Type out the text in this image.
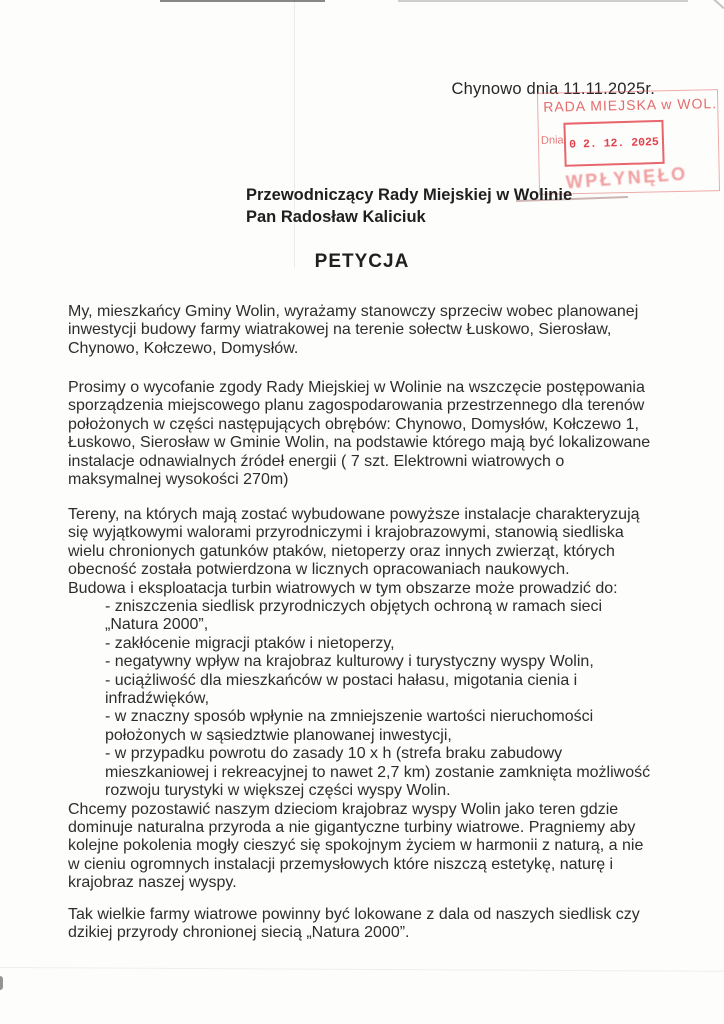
Chynowo dnia 11.11.2025r.
RADA MIEJSKA w WOL.
Dnia 0 2. 12. 2025
WPŁYNĘŁO
Przewodniczący Rady Miejskiej w Wolinie
Pan Radosław Kaliciuk
PETYCJA
My, mieszkańcy Gminy Wolin, wyrażamy stanowczy sprzeciw wobec planowanej
inwestycji budowy farmy wiatrakowej na terenie sołectw Łuskowo, Sierosław,
Chynowo, Kołczewo, Domysłów.
Prosimy o wycofanie zgody Rady Miejskiej w Wolinie na wszczęcie postępowania
sporządzenia miejscowego planu zagospodarowania przestrzennego dla terenów
położonych w części następujących obrębów: Chynowo, Domysłów, Kołczewo 1,
Łuskowo, Sierosław w Gminie Wolin, na podstawie którego mają być lokalizowane
instalacje odnawialnych źródeł energii ( 7 szt. Elektrowni wiatrowych o
maksymalnej wysokości 270m)
Tereny, na których mają zostać wybudowane powyższe instalacje charakteryzują
się wyjątkowymi walorami przyrodniczymi i krajobrazowymi, stanowią siedliska
wielu chronionych gatunków ptaków, nietoperzy oraz innych zwierząt, których
obecność została potwierdzona w licznych opracowaniach naukowych.
Budowa i eksploatacja turbin wiatrowych w tym obszarze może prowadzić do:
- zniszczenia siedlisk przyrodniczych objętych ochroną w ramach sieci
„Natura 2000”,
- zakłócenie migracji ptaków i nietoperzy,
- negatywny wpływ na krajobraz kulturowy i turystyczny wyspy Wolin,
- uciążliwość dla mieszkańców w postaci hałasu, migotania cienia i
infradźwięków,
- w znaczny sposób wpłynie na zmniejszenie wartości nieruchomości
położonych w sąsiedztwie planowanej inwestycji,
- w przypadku powrotu do zasady 10 x h (strefa braku zabudowy
mieszkaniowej i rekreacyjnej to nawet 2,7 km) zostanie zamknięta możliwość
rozwoju turystyki w większej części wyspy Wolin.
Chcemy pozostawić naszym dzieciom krajobraz wyspy Wolin jako teren gdzie
dominuje naturalna przyroda a nie gigantyczne turbiny wiatrowe. Pragniemy aby
kolejne pokolenia mogły cieszyć się spokojnym życiem w harmonii z naturą, a nie
w cieniu ogromnych instalacji przemysłowych które niszczą estetykę, naturę i
krajobraz naszej wyspy.
Tak wielkie farmy wiatrowe powinny być lokowane z dala od naszych siedlisk czy
dzikiej przyrody chronionej siecią „Natura 2000”.
